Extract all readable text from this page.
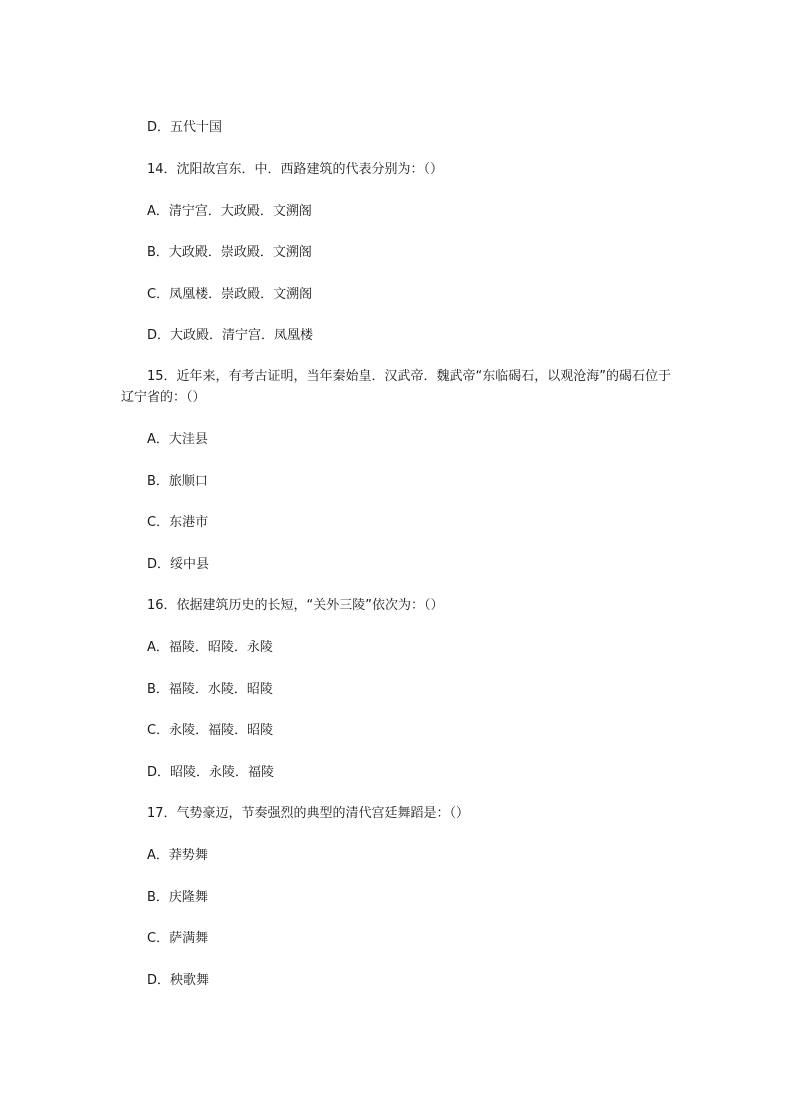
D．五代十国
14．沈阳故宫东．中．西路建筑的代表分别为：（）
A．清宁宫．大政殿．文溯阁
B．大政殿．崇政殿．文溯阁
C．凤凰楼．崇政殿．文溯阁
D．大政殿．清宁宫．凤凰楼
15．近年来，有考古证明，当年秦始皇．汉武帝．魏武帝“东临碣石，以观沧海”的碣石位于辽宁省的：（）
A．大洼县
B．旅顺口
C．东港市
D．绥中县
16．依据建筑历史的长短，“关外三陵”依次为：（）
A．福陵．昭陵．永陵
B．福陵．水陵．昭陵
C．永陵．福陵．昭陵
D．昭陵．永陵．福陵
17．气势豪迈，节奏强烈的典型的清代宫廷舞蹈是：（）
A．莽势舞
B．庆隆舞
C．萨满舞
D．秧歌舞
